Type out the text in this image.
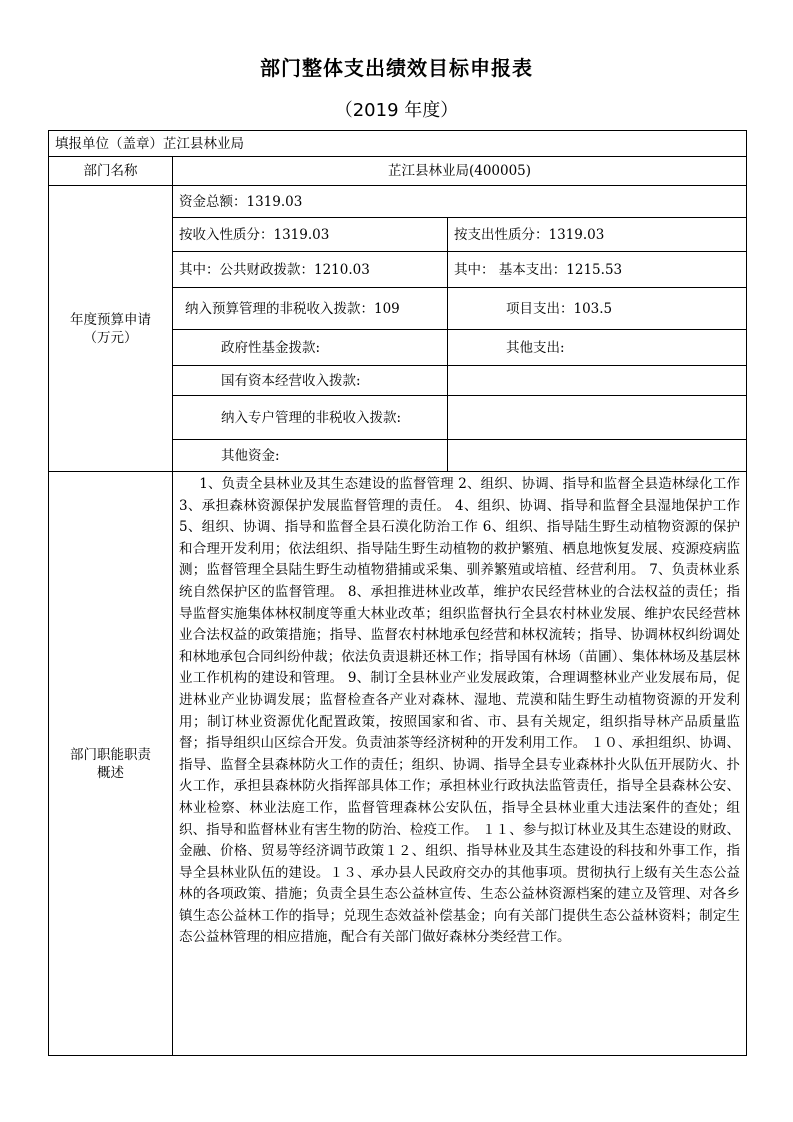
部门整体支出绩效目标申报表
（2019 年度）
填报单位（盖章）芷江县林业局		
部门名称	芷江县林业局(400005)	

年度预算申请
（万元）	资金总额：1319.03	
	按收入性质分：1319.03	按支出性质分：1319.03
	其中：公共财政拨款：1210.03	其中： 基本支出：1215.53
	纳入预算管理的非税收入拨款：109	项目支出：103.5
	政府性基金拨款:	其他支出:
	国有资本经营收入拨款:	

	纳入专户管理的非税收入拨款:	

	其他资金:	

部门职能职责
概述	1、负责全县林业及其生态建设的监督管理 2、组织、协调、指导和监督全县造林绿化工作 3、承担森林资源保护发展监督管理的责任。 4、组织、协调、指导和监督全县湿地保护工作 5、组织、协调、指导和监督全县石漠化防治工作 6、组织、指导陆生野生动植物资源的保护和合理开发利用；依法组织、指导陆生野生动植物的救护繁殖、栖息地恢复发展、疫源疫病监测；监督管理全县陆生野生动植物猎捕或采集、驯养繁殖或培植、经营利用。 7、负责林业系统自然保护区的监督管理。 8、承担推进林业改革，维护农民经营林业的合法权益的责任；指导监督实施集体林权制度等重大林业改革；组织监督执行全县农村林业发展、维护农民经营林业合法权益的政策措施；指导、监督农村林地承包经营和林权流转；指导、协调林权纠纷调处和林地承包合同纠纷仲裁；依法负责退耕还林工作；指导国有林场（苗圃）、集体林场及基层林业工作机构的建设和管理。 9、制订全县林业产业发展政策，合理调整林业产业发展布局，促进林业产业协调发展；监督检查各产业对森林、湿地、荒漠和陆生野生动植物资源的开发利用；制订林业资源优化配置政策，按照国家和省、市、县有关规定，组织指导林产品质量监督；指导组织山区综合开发。负责油茶等经济树种的开发利用工作。 １０、承担组织、协调、指导、监督全县森林防火工作的责任；组织、协调、指导全县专业森林扑火队伍开展防火、扑火工作，承担县森林防火指挥部具体工作；承担林业行政执法监管责任，指导全县森林公安、林业检察、林业法庭工作，监督管理森林公安队伍，指导全县林业重大违法案件的查处；组织、指导和监督林业有害生物的防治、检疫工作。 １１、参与拟订林业及其生态建设的财政、金融、价格、贸易等经济调节政策１２、组织、指导林业及其生态建设的科技和外事工作，指导全县林业队伍的建设。１３、承办县人民政府交办的其他事项。贯彻执行上级有关生态公益林的各项政策、措施；负责全县生态公益林宣传、生态公益林资源档案的建立及管理、对各乡镇生态公益林工作的指导；兑现生态效益补偿基金；向有关部门提供生态公益林资料；制定生态公益林管理的相应措施，配合有关部门做好森林分类经营工作。	
